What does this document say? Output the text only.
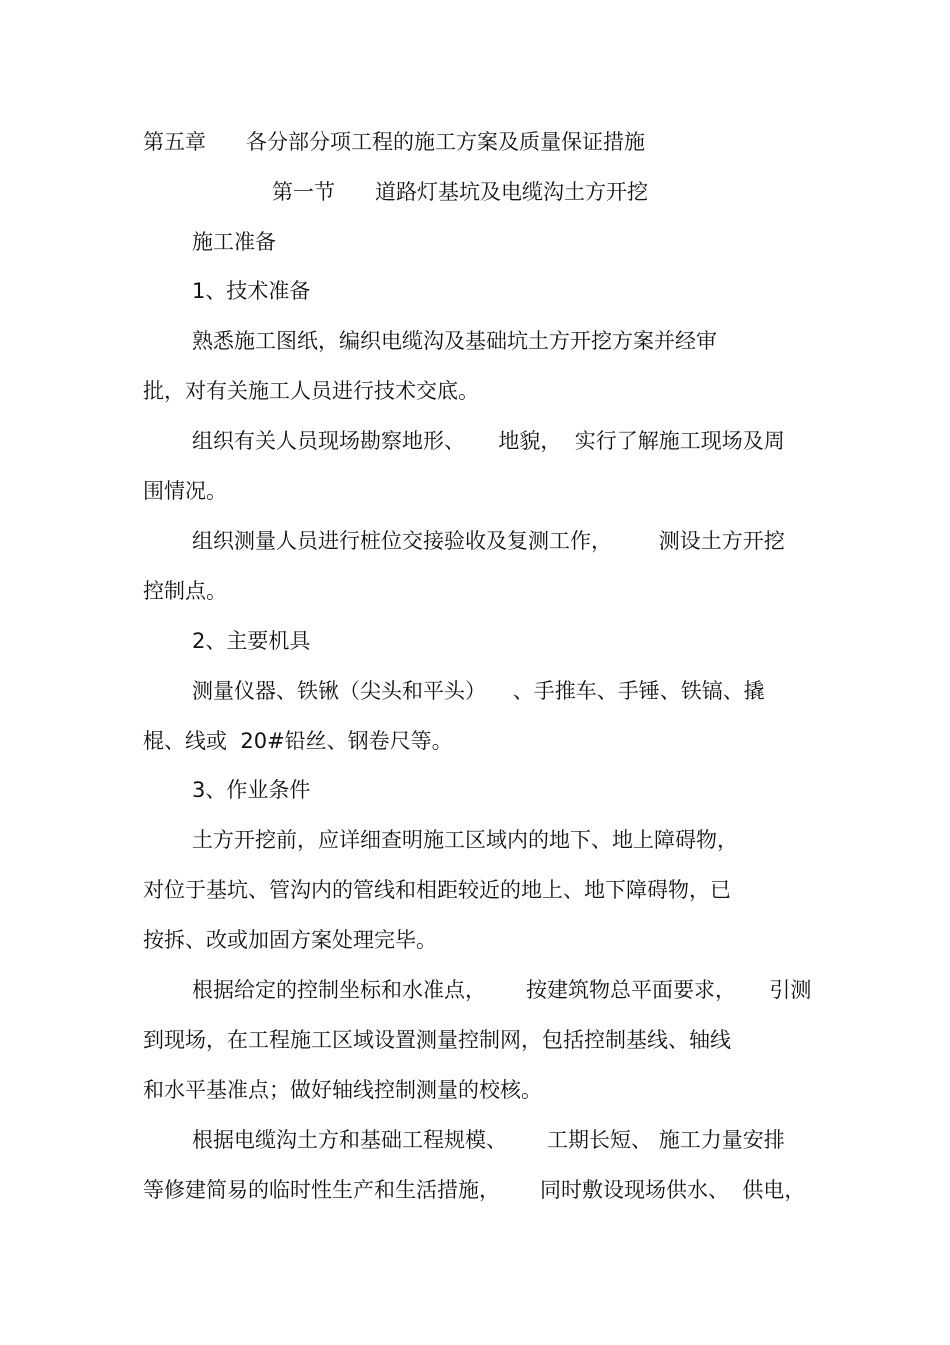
第五章      各分部分项工程的施工方案及质量保证措施
第一节      道路灯基坑及电缆沟土方开挖
施工准备
1、技术准备
熟悉施工图纸，编织电缆沟及基础坑土方开挖方案并经审
批，对有关施工人员进行技术交底。
组织有关人员现场勘察地形、     地貌，  实行了解施工现场及周
围情况。
组织测量人员进行桩位交接验收及复测工作，       测设土方开挖
控制点。
2、主要机具
测量仪器、铁锹（尖头和平头）    、手推车、手锤、铁镐、撬
棍、线或  20#铅丝、钢卷尺等。
3、作业条件
土方开挖前，应详细查明施工区域内的地下、地上障碍物，
对位于基坑、管沟内的管线和相距较近的地上、地下障碍物，已
按拆、改或加固方案处理完毕。
根据给定的控制坐标和水准点，      按建筑物总平面要求，     引测
到现场，在工程施工区域设置测量控制网，包括控制基线、轴线
和水平基准点；做好轴线控制测量的校核。
根据电缆沟土方和基础工程规模、      工期长短、 施工力量安排
等修建简易的临时性生产和生活措施，      同时敷设现场供水、  供电，
